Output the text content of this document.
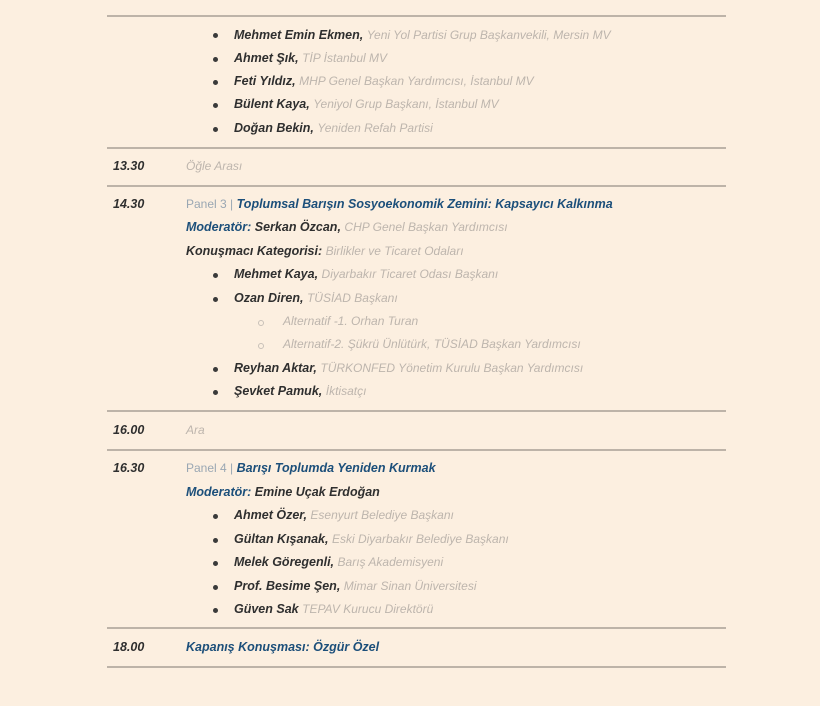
Mehmet Emin Ekmen, Yeni Yol Partisi Grup Başkanvekili, Mersin MV
Ahmet Şık, TİP İstanbul MV
Feti Yıldız, MHP Genel Başkan Yardımcısı, İstanbul MV
Bülent Kaya, Yeniyol Grup Başkanı, İstanbul MV
Doğan Bekin, Yeniden Refah Partisi
13.30	Öğle Arası
14.30	Panel 3 | Toplumsal Barışın Sosyoekonomik Zemini: Kapsayıcı Kalkınma
Moderatör: Serkan Özcan, CHP Genel Başkan Yardımcısı
Konuşmacı Kategorisi: Birlikler ve Ticaret Odaları
Mehmet Kaya, Diyarbakır Ticaret Odası Başkanı
Ozan Diren, TÜSİAD Başkanı
Alternatif -1. Orhan Turan
Alternatif-2. Şükrü Ünlütürk, TÜSİAD Başkan Yardımcısı
Reyhan Aktar, TÜRKONFED Yönetim Kurulu Başkan Yardımcısı
Şevket Pamuk, İktisatçı
16.00	Ara
16.30	Panel 4 | Barışı Toplumda Yeniden Kurmak
Moderatör: Emine Uçak Erdoğan
Ahmet Özer, Esenyurt Belediye Başkanı
Gültan Kışanak, Eski Diyarbakır Belediye Başkanı
Melek Göregenli, Barış Akademisyeni
Prof. Besime Şen, Mimar Sinan Üniversitesi
Güven Sak TEPAV Kurucu Direktörü
18.00	Kapanış Konuşması: Özgür Özel
